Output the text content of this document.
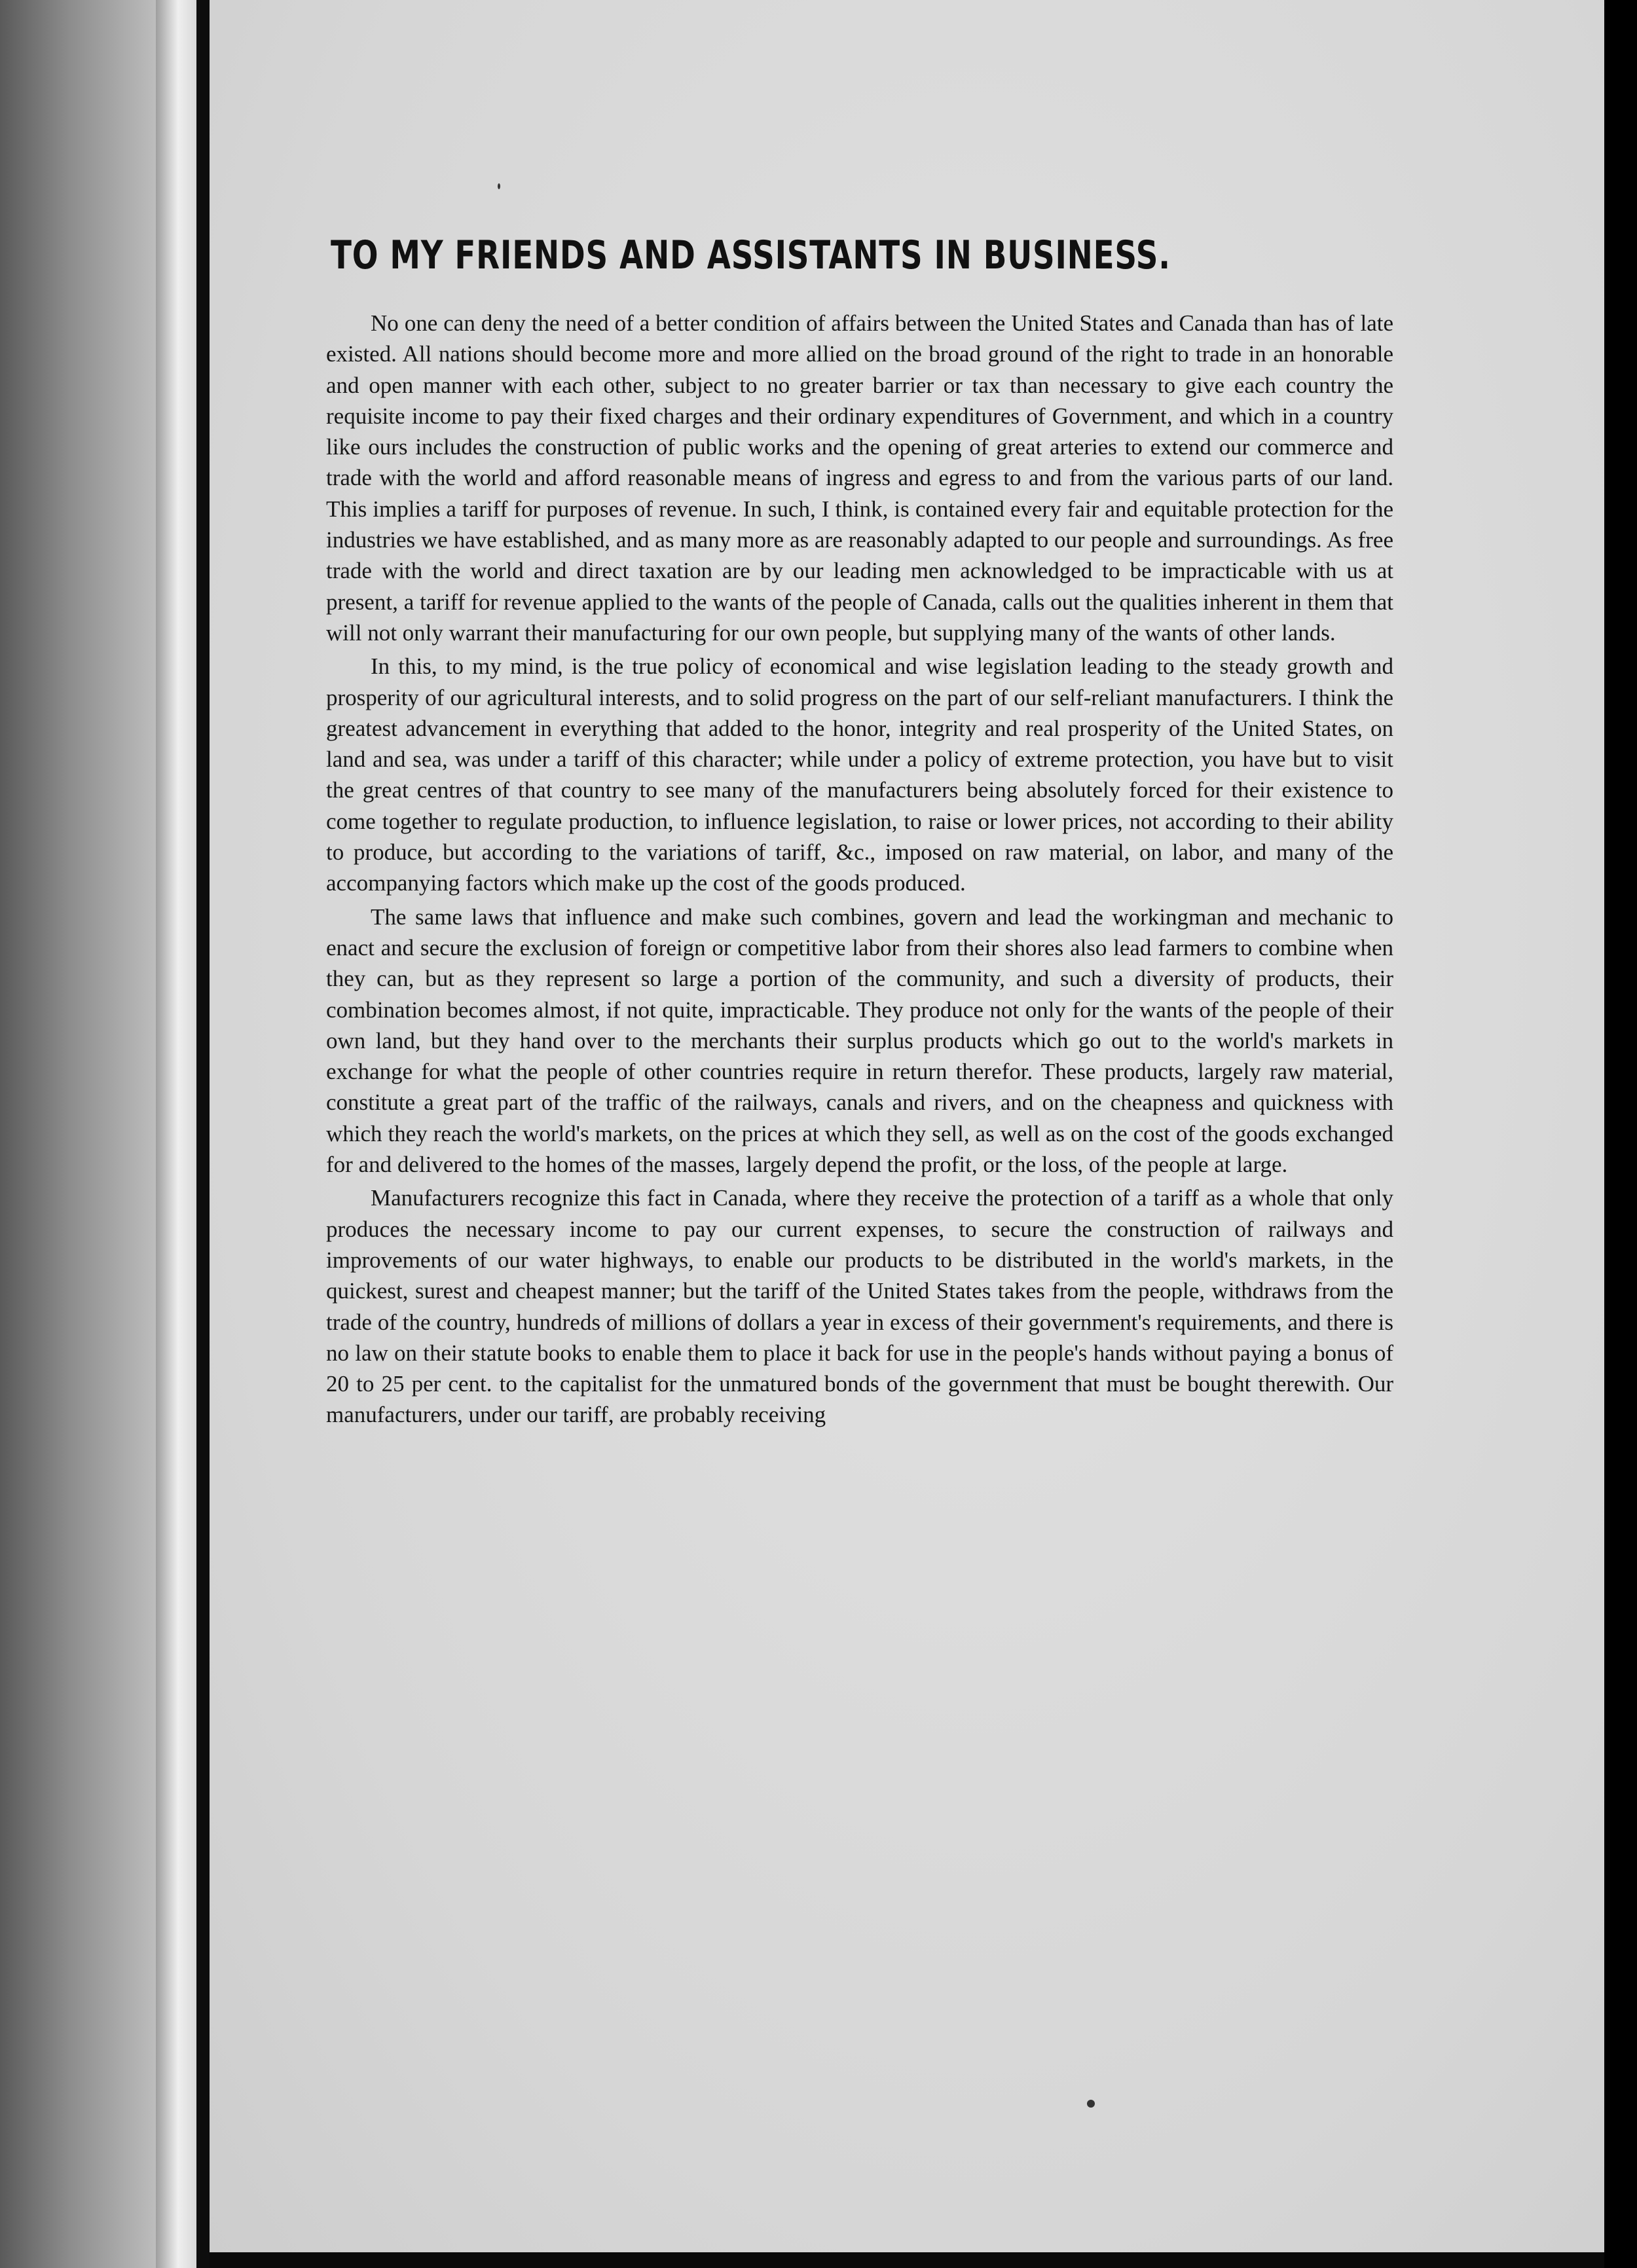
TO MY FRIENDS AND ASSISTANTS IN BUSINESS.

No one can deny the need of a better condition of affairs between the United States and Canada than has of late existed. All nations should become more and more allied on the broad ground of the right to trade in an honorable and open manner with each other, subject to no greater barrier or tax than necessary to give each country the requisite income to pay their fixed charges and their ordinary expenditures of Government, and which in a country like ours includes the construction of public works and the opening of great arteries to extend our commerce and trade with the world and afford reasonable means of ingress and egress to and from the various parts of our land. This implies a tariff for purposes of revenue. In such, I think, is contained every fair and equitable protection for the industries we have established, and as many more as are reasonably adapted to our people and surroundings. As free trade with the world and direct taxation are by our leading men acknowledged to be impracticable with us at present, a tariff for revenue applied to the wants of the people of Canada, calls out the qualities inherent in them that will not only warrant their manufacturing for our own people, but supplying many of the wants of other lands.

In this, to my mind, is the true policy of economical and wise legislation leading to the steady growth and prosperity of our agricultural interests, and to solid progress on the part of our self-reliant manufacturers. I think the greatest advancement in everything that added to the honor, integrity and real prosperity of the United States, on land and sea, was under a tariff of this character; while under a policy of extreme protection, you have but to visit the great centres of that country to see many of the manufacturers being absolutely forced for their existence to come together to regulate production, to influence legislation, to raise or lower prices, not according to their ability to produce, but according to the variations of tariff, &c., imposed on raw material, on labor, and many of the accompanying factors which make up the cost of the goods produced.

The same laws that influence and make such combines, govern and lead the workingman and mechanic to enact and secure the exclusion of foreign or competitive labor from their shores also lead farmers to combine when they can, but as they represent so large a portion of the community, and such a diversity of products, their combination becomes almost, if not quite, impracticable. They produce not only for the wants of the people of their own land, but they hand over to the merchants their surplus products which go out to the world's markets in exchange for what the people of other countries require in return therefor. These products, largely raw material, constitute a great part of the traffic of the railways, canals and rivers, and on the cheapness and quickness with which they reach the world's markets, on the prices at which they sell, as well as on the cost of the goods exchanged for and delivered to the homes of the masses, largely depend the profit, or the loss, of the people at large.

Manufacturers recognize this fact in Canada, where they receive the protection of a tariff as a whole that only produces the necessary income to pay our current expenses, to secure the construction of railways and improvements of our water highways, to enable our products to be distributed in the world's markets, in the quickest, surest and cheapest manner; but the tariff of the United States takes from the people, withdraws from the trade of the country, hundreds of millions of dollars a year in excess of their government's requirements, and there is no law on their statute books to enable them to place it back for use in the people's hands without paying a bonus of 20 to 25 per cent. to the capitalist for the unmatured bonds of the government that must be bought therewith. Our manufacturers, under our tariff, are probably receiving
